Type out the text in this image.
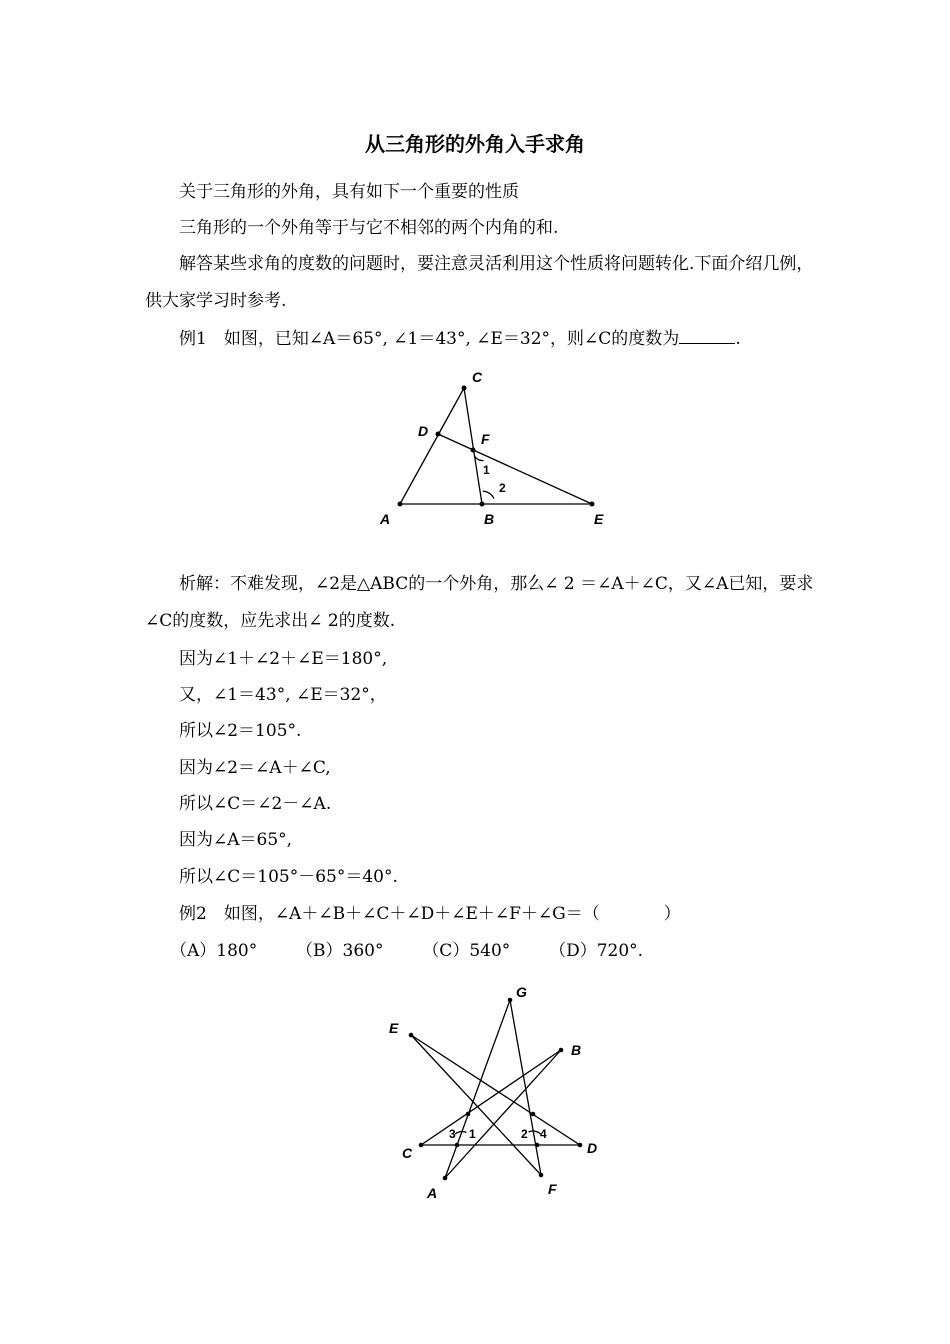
从三角形的外角入手求角

关于三角形的外角，具有如下一个重要的性质

三角形的一个外角等于与它不相邻的两个内角的和.

解答某些求角的度数的问题时，要注意灵活利用这个性质将问题转化.下面介绍几例，供大家学习时参考.

例1　如图，已知∠A＝65°, ∠1＝43°, ∠E＝32°，则∠C的度数为	.
A	B
C
D
E
F
1
2

析解：不难发现，∠2是△ABC的一个外角，那么∠ 2 ＝∠A＋∠C，又∠A已知，要求∠C的度数，应先求出∠ 2的度数.

因为∠1＋∠2＋∠E＝180°,
又，∠1＝43°, ∠E＝32°，
所以∠2＝105°.
因为∠2＝∠A＋∠C,
所以∠C＝∠2－∠A.
因为∠A＝65°,
所以∠C＝105°－65°＝40°.
例2　如图，∠A＋∠B＋∠C＋∠D＋∠E＋∠F＋∠G＝（	）
（A）180° （B）360° （C）540° （D）720°.
G
E
B
C	D
A	F
1	2
3	4
